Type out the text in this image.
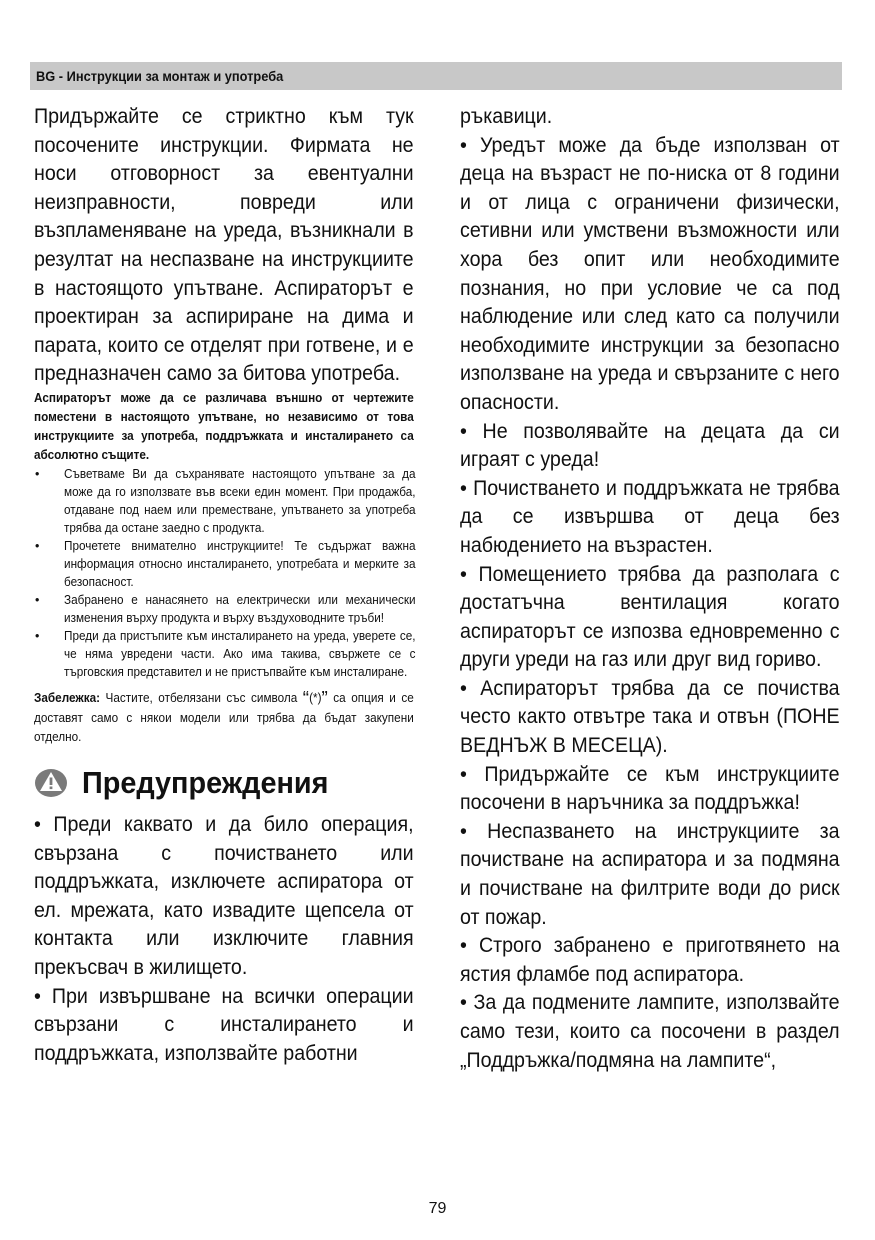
BG - Инструкции за монтаж и употреба

Придържайте се стриктно към тук посочените инструкции. Фирмата не носи отговорност за евентуални неизправности, повреди или възпламеняване на уреда, възникнали в резултат на неспазване на инструкциите в настоящото упътване. Аспираторът е проектиран за аспириране на дима и парата, които се отделят при готвене, и е предназначен само за битова употреба.

Аспираторът може да се различава външно от чертежите поместени в настоящото упътване, но независимо от това инструкциите за употреба, поддръжката и инсталирането са абсолютно същите.

• Съветваме Ви да съхранявате настоящото упътване за да може да го използвате във всеки един момент. При продажба, отдаване под наем или преместване, упътването за употреба трябва да остане заедно с продукта.
• Прочетете внимателно инструкциите! Те съдържат важна информация относно инсталирането, употребата и мерките за безопасност.
• Забранено е нанасянето на електрически или механически изменения върху продукта и върху въздуховодните тръби!
• Преди да пристъпите към инсталирането на уреда, уверете се, че няма увредени части. Ако има такива, свържете се с търговския представител и не пристъпвайте към инсталиране.

Забележка: Частите, отбелязани със символа “(*)” са опция и се доставят само с някои модели или трябва да бъдат закупени отделно.

Предупреждения

• Преди каквато и да било операция, свързана с почистването или поддръжката, изключете аспиратора от ел. мрежата, като извадите щепсела от контакта или изключите главния прекъсвач в жилището.

• При извършване на всички операции свързани с инсталирането и поддръжката, използвайте работни

ръкавици.

• Уредът може да бъде използван от деца на възраст не по-ниска от 8 години и от лица с ограничени физически, сетивни или умствени възможности или хора без опит или необходимите познания, но при условие че са под наблюдение или след като са получили необходимите инструкции за безопасно използване на уреда и свързаните с него опасности.

• Не позволявайте на децата да си играят с уреда!

• Почистването и поддръжката не трябва да се извършва от деца без набюдението на възрастен.

• Помещението трябва да разполага с достатъчна вентилация когато аспираторът се изпозва едновременно с други уреди на газ или друг вид гориво.

• Аспираторът трябва да се почиства често както отвътре така и отвън (ПОНЕ ВЕДНЪЖ В МЕСЕЦА).

• Придържайте се към инструкциите посочени в наръчника за поддръжка!

• Неспазването на инструкциите за почистване на аспиратора и за подмяна и почистване на филтрите води до риск от пожар.

• Строго забранено е приготвянето на ястия фламбе под аспиратора.

• За да подмените лампите, използвайте само тези, които са посочени в раздел „Поддръжка/подмяна на лампите“,

79
